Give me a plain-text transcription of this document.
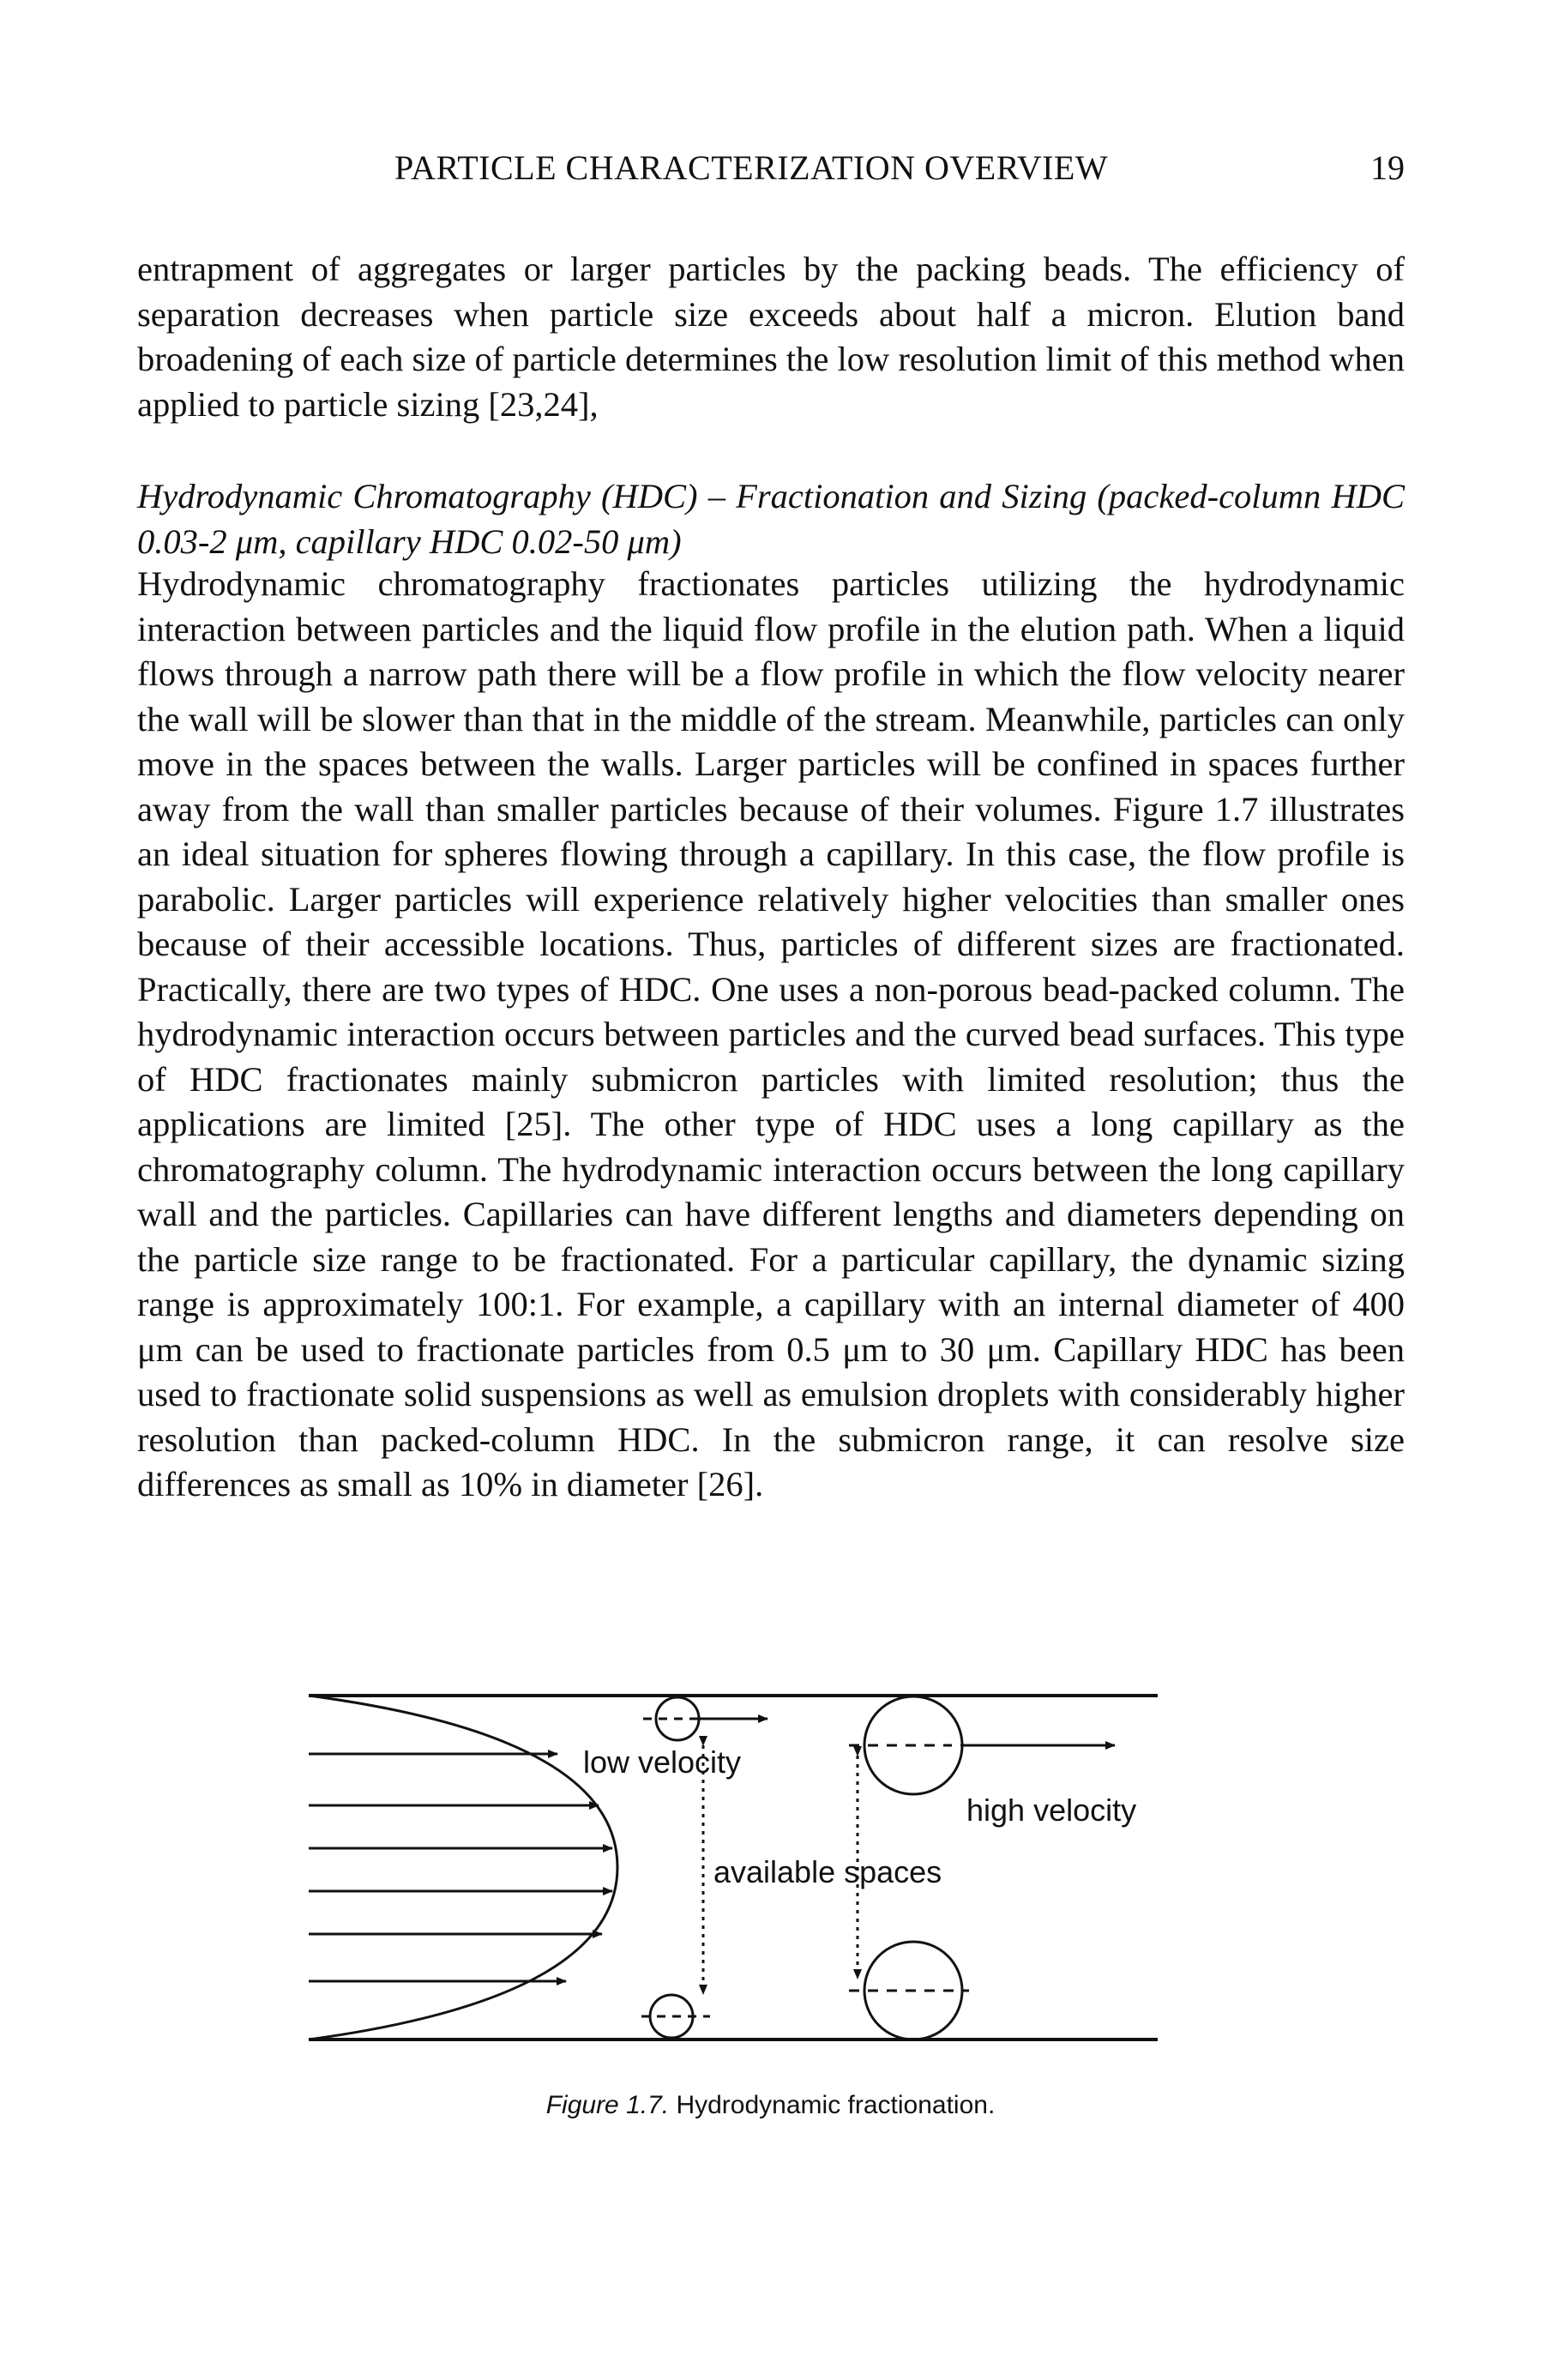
PARTICLE CHARACTERIZATION OVERVIEW	19

entrapment of aggregates or larger particles by the packing beads. The efficiency of separation decreases when particle size exceeds about half a micron. Elution band broadening of each size of particle determines the low resolution limit of this method when applied to particle sizing [23,24],

Hydrodynamic Chromatography (HDC) – Fractionation and Sizing (packed-column HDC 0.03-2 μm, capillary HDC 0.02-50 μm)

Hydrodynamic chromatography fractionates particles utilizing the hydrodynamic interaction between particles and the liquid flow profile in the elution path. When a liquid flows through a narrow path there will be a flow profile in which the flow velocity nearer the wall will be slower than that in the middle of the stream. Meanwhile, particles can only move in the spaces between the walls. Larger particles will be confined in spaces further away from the wall than smaller particles because of their volumes. Figure 1.7 illustrates an ideal situation for spheres flowing through a capillary. In this case, the flow profile is parabolic. Larger particles will experience relatively higher velocities than smaller ones because of their accessible locations. Thus, particles of different sizes are fractionated. Practically, there are two types of HDC. One uses a non-porous bead-packed column. The hydrodynamic interaction occurs between particles and the curved bead surfaces. This type of HDC fractionates mainly submicron particles with limited resolution; thus the applications are limited [25]. The other type of HDC uses a long capillary as the chromatography column. The hydrodynamic interaction occurs between the long capillary wall and the particles. Capillaries can have different lengths and diameters depending on the particle size range to be fractionated. For a particular capillary, the dynamic sizing range is approximately 100:1. For example, a capillary with an internal diameter of 400 μm can be used to fractionate particles from 0.5 μm to 30 μm. Capillary HDC has been used to fractionate solid suspensions as well as emulsion droplets with considerably higher resolution than packed-column HDC. In the submicron range, it can resolve size differences as small as 10% in diameter [26].

low velocity
high velocity
available spaces
Figure 1.7. Hydrodynamic fractionation.
